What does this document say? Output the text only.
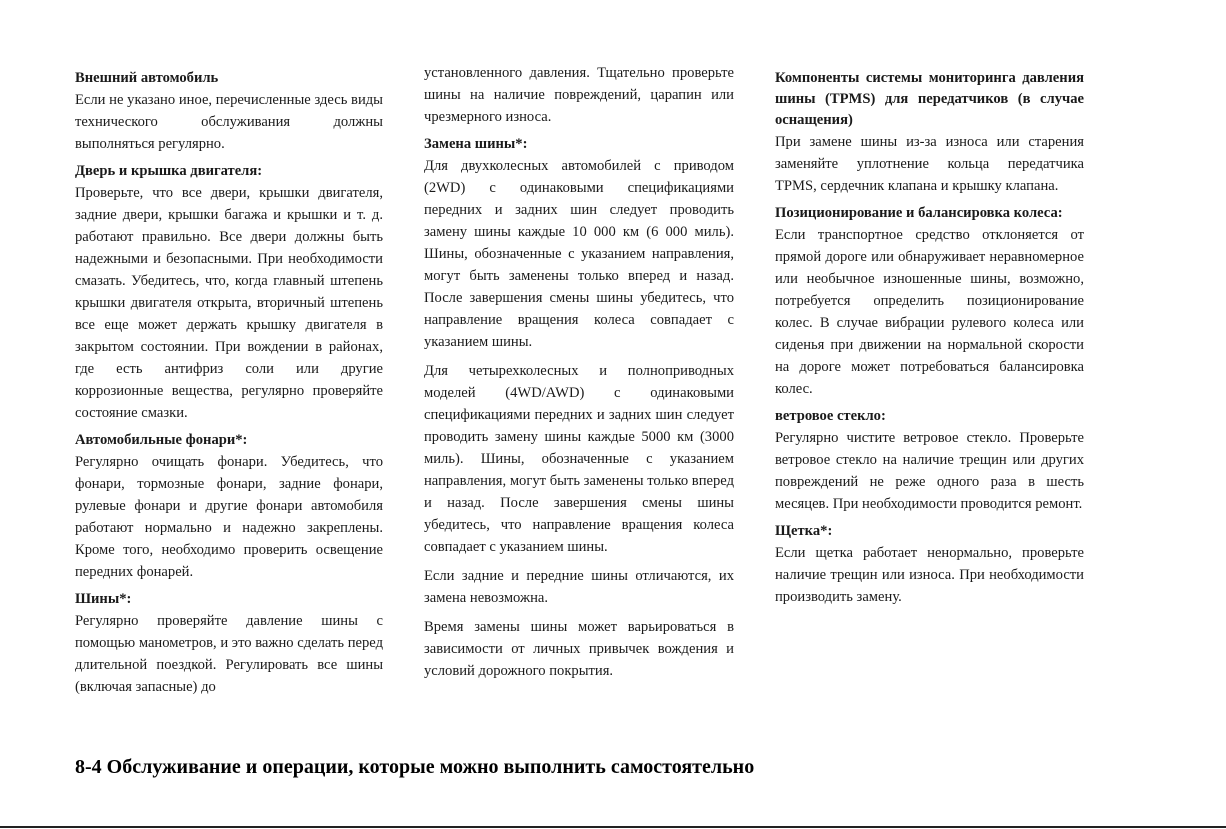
Внешний автомобиль

Если не указано иное, перечисленные здесь виды технического обслуживания должны выполняться регулярно.

Дверь и крышка двигателя:

Проверьте, что все двери, крышки двигателя, задние двери, крышки багажа и крышки и т. д. работают правильно. Все двери должны быть надежными и безопасными. При необходимости смазать. Убедитесь, что, когда главный штепень крышки двигателя открыта, вторичный штепень все еще может держать крышку двигателя в закрытом состоянии. При вождении в районах, где есть антифриз соли или другие коррозионные вещества, регулярно проверяйте состояние смазки.

Автомобильные фонари*:

Регулярно очищать фонари. Убедитесь, что фонари, тормозные фонари, задние фонари, рулевые фонари и другие фонари автомобиля работают нормально и надежно закреплены. Кроме того, необходимо проверить освещение передних фонарей.

Шины*:

Регулярно проверяйте давление шины с помощью манометров, и это важно сделать перед длительной поездкой. Регулировать все шины (включая запасные) до

установленного давления. Тщательно проверьте шины на наличие повреждений, царапин или чрезмерного износа.

Замена шины*:

Для двухколесных автомобилей с приводом (2WD) с одинаковыми спецификациями передних и задних шин следует проводить замену шины каждые 10 000 км (6 000 миль). Шины, обозначенные с указанием направления, могут быть заменены только вперед и назад. После завершения смены шины убедитесь, что направление вращения колеса совпадает с указанием шины.

Для четырехколесных и полноприводных моделей (4WD/AWD) с одинаковыми спецификациями передних и задних шин следует проводить замену шины каждые 5000 км (3000 миль). Шины, обозначенные с указанием направления, могут быть заменены только вперед и назад. После завершения смены шины убедитесь, что направление вращения колеса совпадает с указанием шины.

Если задние и передние шины отличаются, их замена невозможна.

Время замены шины может варьироваться в зависимости от личных привычек вождения и условий дорожного покрытия.

Компоненты системы мониторинга давления шины (TPMS) для передатчиков (в случае оснащения)

При замене шины из-за износа или старения заменяйте уплотнение кольца передатчика TPMS, сердечник клапана и крышку клапана.

Позиционирование и балансировка колеса:

Если транспортное средство отклоняется от прямой дороге или обнаруживает неравномерное или необычное изношенные шины, возможно, потребуется определить позиционирование колес. В случае вибрации рулевого колеса или сиденья при движении на нормальной скорости на дороге может потребоваться балансировка колес.

ветровое стекло:

Регулярно чистите ветровое стекло. Проверьте ветровое стекло на наличие трещин или других повреждений не реже одного раза в шесть месяцев. При необходимости проводится ремонт.

Щетка*:

Если щетка работает ненормально, проверьте наличие трещин или износа. При необходимости производить замену.

8-4 Обслуживание и операции, которые можно выполнить самостоятельно
